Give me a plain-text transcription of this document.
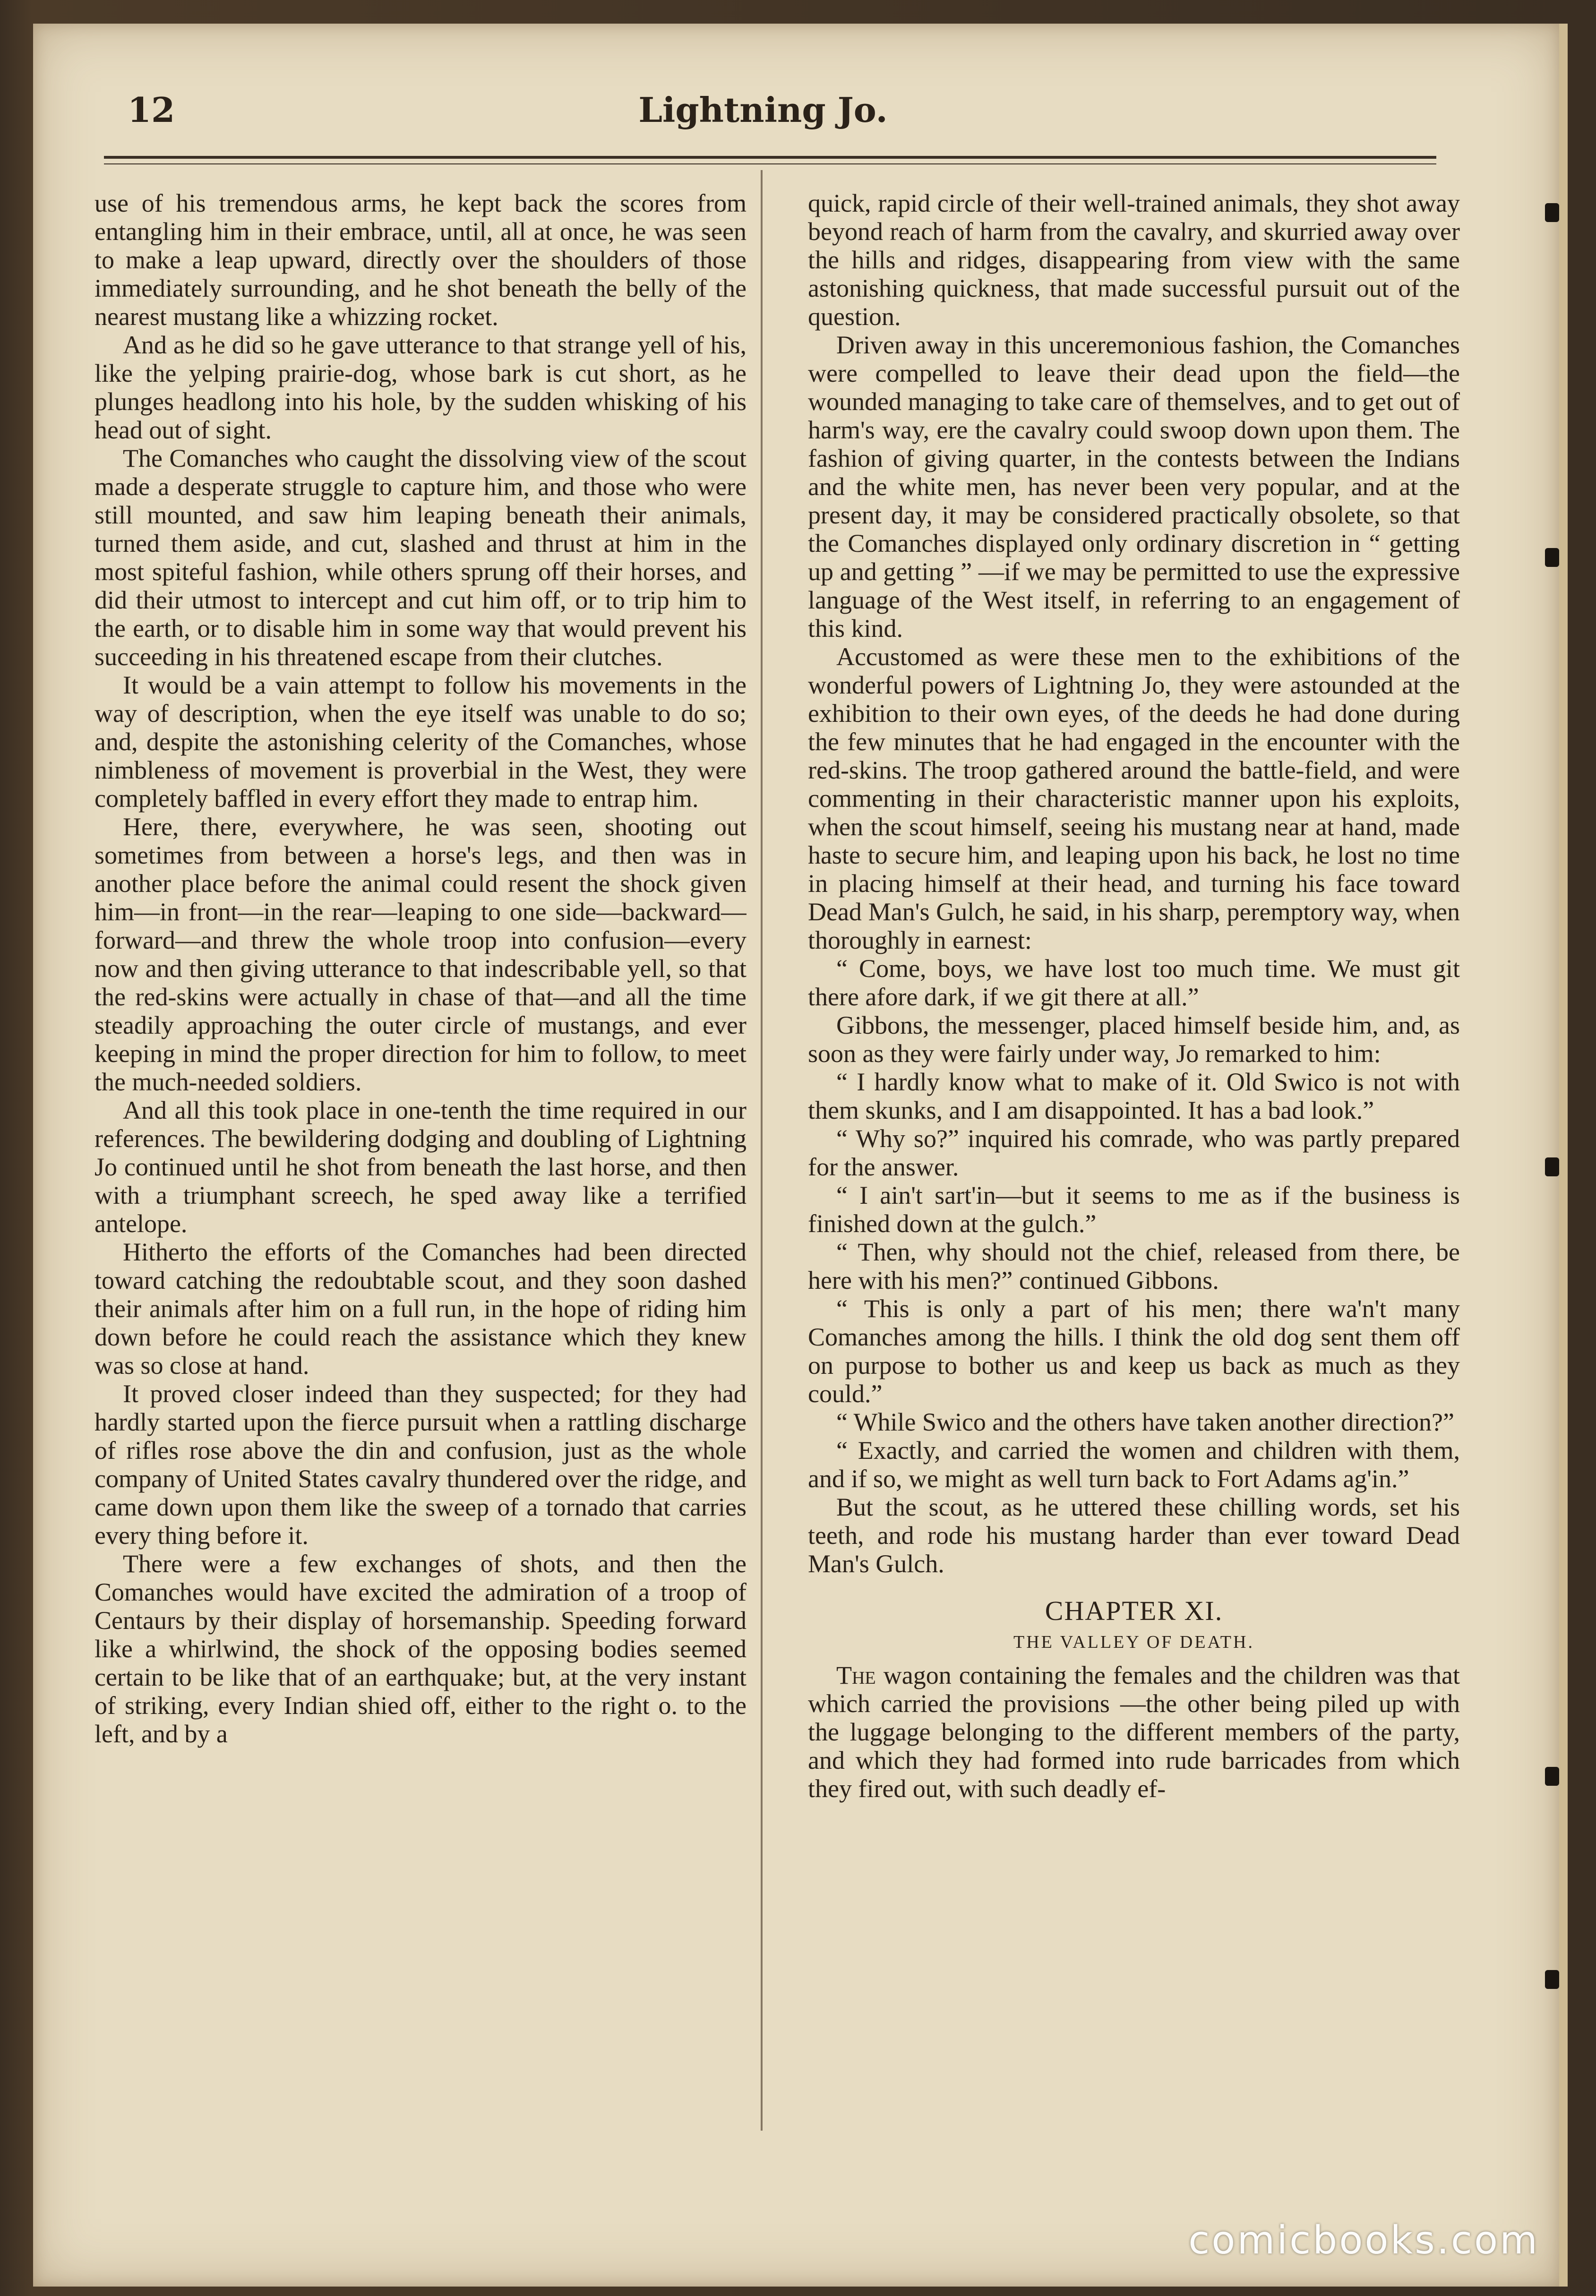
12	Lightning Jo.

use of his tremendous arms, he kept back the scores from entangling him in their embrace, until, all at once, he was seen to make a leap upward, directly over the shoulders of those immediately surrounding, and he shot beneath the belly of the nearest mustang like a whizzing rocket.

And as he did so he gave utterance to that strange yell of his, like the yelping prairie-dog, whose bark is cut short, as he plunges headlong into his hole, by the sudden whisking of his head out of sight.

The Comanches who caught the dissolving view of the scout made a desperate struggle to capture him, and those who were still mounted, and saw him leaping beneath their animals, turned them aside, and cut, slashed and thrust at him in the most spiteful fashion, while others sprung off their horses, and did their utmost to intercept and cut him off, or to trip him to the earth, or to disable him in some way that would prevent his succeeding in his threatened escape from their clutches.

It would be a vain attempt to follow his movements in the way of description, when the eye itself was unable to do so; and, despite the astonishing celerity of the Comanches, whose nimbleness of movement is proverbial in the West, they were completely baffled in every effort they made to entrap him.

Here, there, everywhere, he was seen, shooting out sometimes from between a horse's legs, and then was in another place before the animal could resent the shock given him—in front—in the rear—leaping to one side—backward—forward—and threw the whole troop into confusion—every now and then giving utterance to that indescribable yell, so that the red-skins were actually in chase of that—and all the time steadily approaching the outer circle of mustangs, and ever keeping in mind the proper direction for him to follow, to meet the much-needed soldiers.

And all this took place in one-tenth the time required in our references. The bewildering dodging and doubling of Lightning Jo continued until he shot from beneath the last horse, and then with a triumphant screech, he sped away like a terrified antelope.

Hitherto the efforts of the Comanches had been directed toward catching the redoubtable scout, and they soon dashed their animals after him on a full run, in the hope of riding him down before he could reach the assistance which they knew was so close at hand.

It proved closer indeed than they suspected; for they had hardly started upon the fierce pursuit when a rattling discharge of rifles rose above the din and confusion, just as the whole company of United States cavalry thundered over the ridge, and came down upon them like the sweep of a tornado that carries every thing before it.

There were a few exchanges of shots, and then the Comanches would have excited the admiration of a troop of Centaurs by their display of horsemanship. Speeding forward like a whirlwind, the shock of the opposing bodies seemed certain to be like that of an earthquake; but, at the very instant of striking, every Indian shied off, either to the right o. to the left, and by a

quick, rapid circle of their well-trained animals, they shot away beyond reach of harm from the cavalry, and skurried away over the hills and ridges, disappearing from view with the same astonishing quickness, that made successful pursuit out of the question.

Driven away in this unceremonious fashion, the Comanches were compelled to leave their dead upon the field—the wounded managing to take care of themselves, and to get out of harm's way, ere the cavalry could swoop down upon them. The fashion of giving quarter, in the contests between the Indians and the white men, has never been very popular, and at the present day, it may be considered practically obsolete, so that the Comanches displayed only ordinary discretion in “ getting up and getting ” —if we may be permitted to use the expressive language of the West itself, in referring to an engagement of this kind.

Accustomed as were these men to the exhibitions of the wonderful powers of Lightning Jo, they were astounded at the exhibition to their own eyes, of the deeds he had done during the few minutes that he had engaged in the encounter with the red-skins. The troop gathered around the battle-field, and were commenting in their characteristic manner upon his exploits, when the scout himself, seeing his mustang near at hand, made haste to secure him, and leaping upon his back, he lost no time in placing himself at their head, and turning his face toward Dead Man's Gulch, he said, in his sharp, peremptory way, when thoroughly in earnest:

“ Come, boys, we have lost too much time. We must git there afore dark, if we git there at all.”

Gibbons, the messenger, placed himself beside him, and, as soon as they were fairly under way, Jo remarked to him:

“ I hardly know what to make of it. Old Swico is not with them skunks, and I am disappointed. It has a bad look.”

“ Why so?” inquired his comrade, who was partly prepared for the answer.

“ I ain't sart'in—but it seems to me as if the business is finished down at the gulch.”

“ Then, why should not the chief, released from there, be here with his men?” continued Gibbons.

“ This is only a part of his men; there wa'n't many Comanches among the hills. I think the old dog sent them off on purpose to bother us and keep us back as much as they could.”

“ While Swico and the others have taken another direction?”

“ Exactly, and carried the women and children with them, and if so, we might as well turn back to Fort Adams ag'in.”

But the scout, as he uttered these chilling words, set his teeth, and rode his mustang harder than ever toward Dead Man's Gulch.

CHAPTER XI.
THE VALLEY OF DEATH.

The wagon containing the females and the children was that which carried the provisions —the other being piled up with the luggage belonging to the different members of the party, and which they had formed into rude barricades from which they fired out, with such deadly ef-

comicbooks.com
